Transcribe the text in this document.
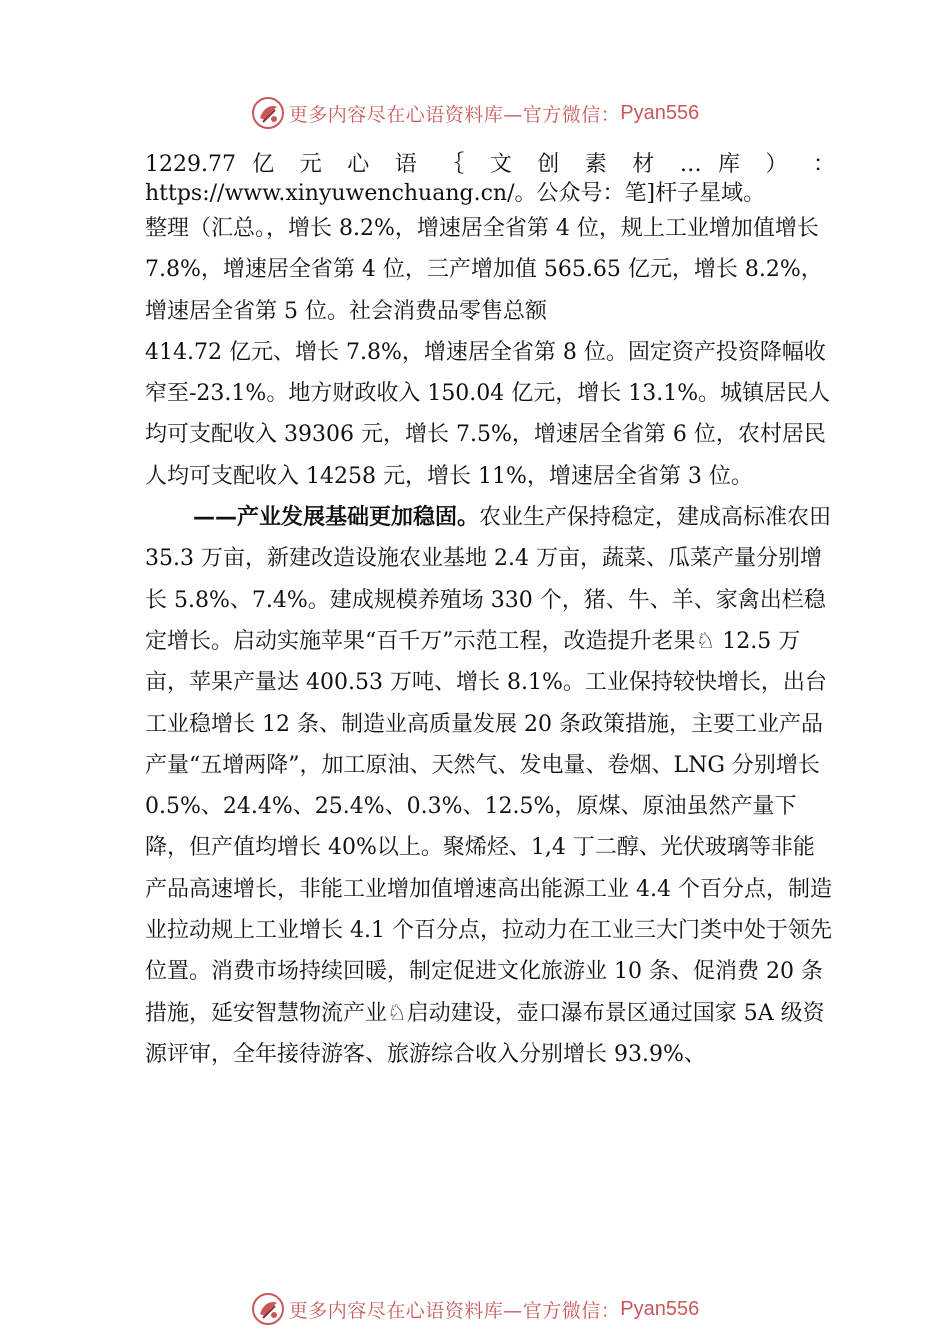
更多内容尽在心语资料库—官方微信： Pyan556

1229.77 亿 元 心 语 ｛ 文 创 素 材 … 库 ） ：

https://www.xinyuwenchuang.cn/。公众号：笔]杆子星域。

整理（汇总。，增长 8.2%，增速居全省第 4 位，规上工业增加值增长 7.8%，增速居全省第 4 位，三产增加值 565.65 亿元，增长 8.2%，增速居全省第 5 位。社会消费品零售总额

414.72 亿元、增长 7.8%，增速居全省第 8 位。固定资产投资降幅收窄至-23.1%。地方财政收入 150.04 亿元，增长 13.1%。城镇居民人均可支配收入 39306 元，增长 7.5%，增速居全省第 6 位，农村居民人均可支配收入 14258 元，增长 11%，增速居全省第 3 位。

——产业发展基础更加稳固。农业生产保持稳定，建成高标准农田 35.3 万亩，新建改造设施农业基地 2.4 万亩，蔬菜、瓜菜产量分别增长 5.8%、7.4%。建成规模养殖场 330 个，猪、牛、羊、家禽出栏稳定增长。启动实施苹果“百千万”示范工程，改造提升老果♘ 12.5 万亩，苹果产量达 400.53 万吨、增长 8.1%。工业保持较快增长，出台工业稳增长 12 条、制造业高质量发展 20 条政策措施，主要工业产品产量“五增两降”，加工原油、天然气、发电量、卷烟、LNG 分别增长 0.5%、24.4%、25.4%、0.3%、12.5%，原煤、原油虽然产量下降，但产值均增长 40%以上。聚烯烃、1,4 丁二醇、光伏玻璃等非能产品高速增长，非能工业增加值增速高出能源工业 4.4 个百分点，制造业拉动规上工业增长 4.1 个百分点，拉动力在工业三大门类中处于领先位置。消费市场持续回暖，制定促进文化旅游业 10 条、促消费 20 条措施，延安智慧物流产业♘启动建设，壶口瀑布景区通过国家 5A 级资源评审，全年接待游客、旅游综合收入分别增长 93.9%、

更多内容尽在心语资料库—官方微信： Pyan556
